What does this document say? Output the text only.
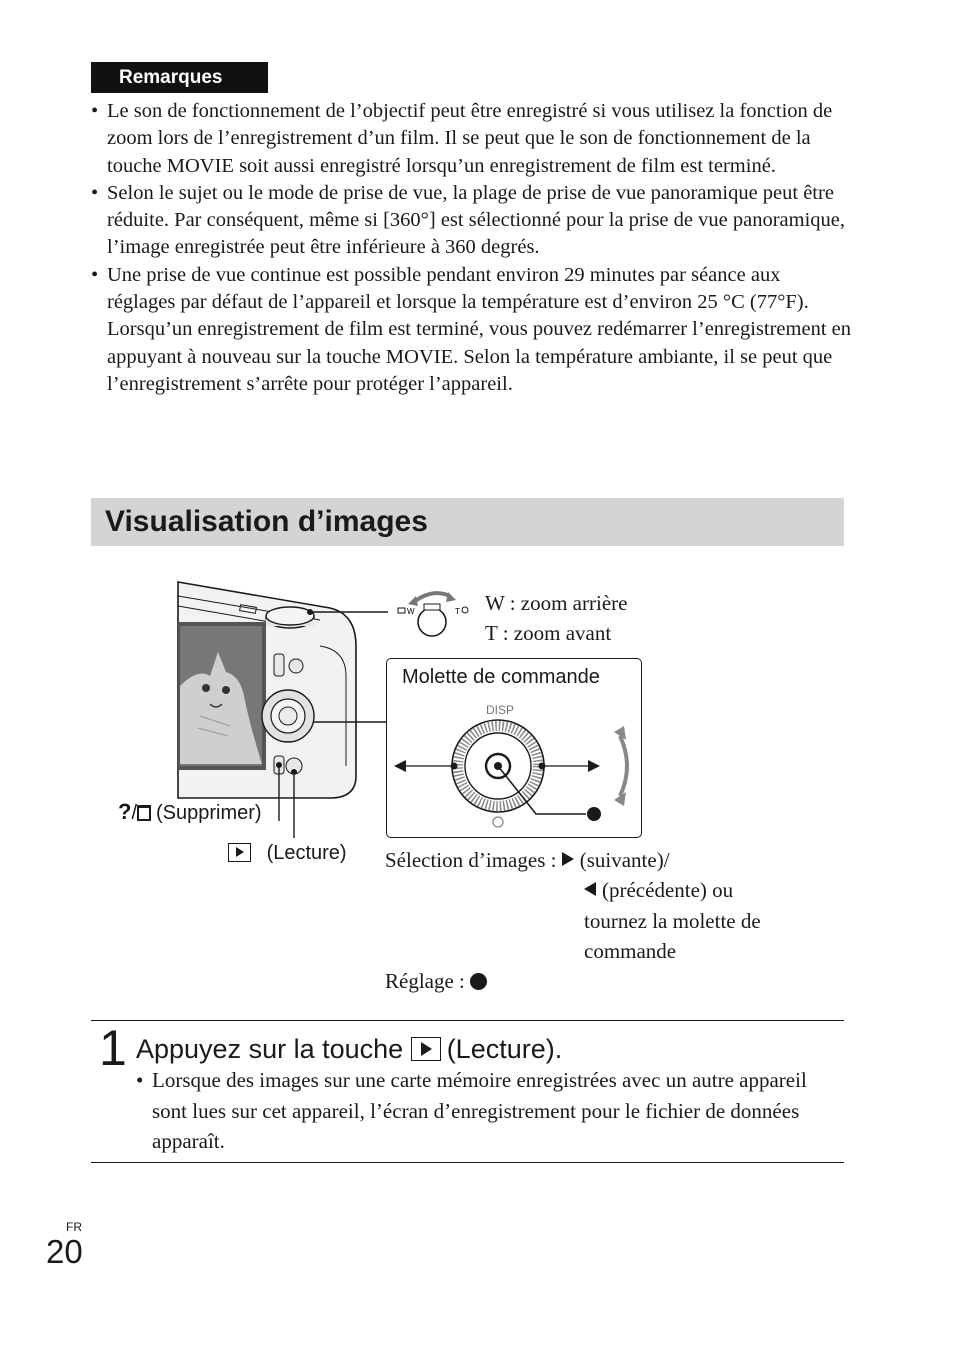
Remarques
• Le son de fonctionnement de l’objectif peut être enregistré si vous utilisez la fonction de zoom lors de l’enregistrement d’un film. Il se peut que le son de fonctionnement de la touche MOVIE soit aussi enregistré lorsqu’un enregistrement de film est terminé.
• Selon le sujet ou le mode de prise de vue, la plage de prise de vue panoramique peut être réduite. Par conséquent, même si [360°] est sélectionné pour la prise de vue panoramique, l’image enregistrée peut être inférieure à 360 degrés.
• Une prise de vue continue est possible pendant environ 29 minutes par séance aux réglages par défaut de l’appareil et lorsque la température est d’environ 25 °C (77°F). Lorsqu’un enregistrement de film est terminé, vous pouvez redémarrer l’enregistrement en appuyant à nouveau sur la touche MOVIE. Selon la température ambiante, il se peut que l’enregistrement s’arrête pour protéger l’appareil.
Visualisation d’images
W	T W : zoom arrière
T : zoom avant
Molette de commande
DISP
?/ (Supprimer)
(Lecture) Sélection d’images : (suivante)/
(précédente) ou
tournez la molette de
commande
Réglage :
1 Appuyez sur la touche (Lecture).
• Lorsque des images sur une carte mémoire enregistrées avec un autre appareil sont lues sur cet appareil, l’écran d’enregistrement pour le fichier de données apparaît.
FR
20
